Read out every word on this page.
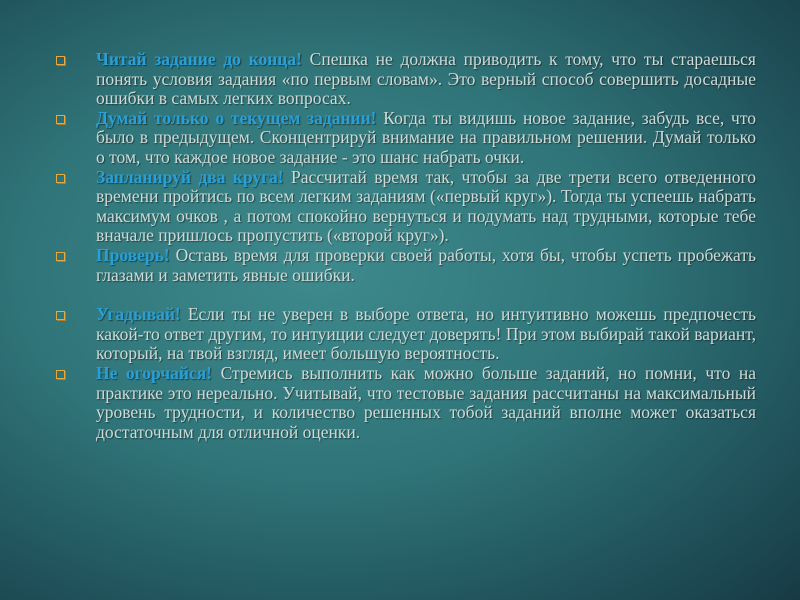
Читай задание до конца! Спешка не должна приводить к тому, что ты стараешься понять условия задания «по первым словам». Это верный способ совершить досадные ошибки в самых легких вопросах.
Думай только о текущем задании! Когда ты видишь новое задание, забудь все, что было в предыдущем. Сконцентрируй внимание на правильном решении. Думай только о том, что каждое новое задание - это шанс набрать очки.
Запланируй два круга! Рассчитай время так, чтобы за две трети всего отведенного времени пройтись по всем легким заданиям («первый круг»). Тогда ты успеешь набрать максимум очков , а потом спокойно вернуться и подумать над трудными, которые тебе вначале пришлось пропустить («второй круг»).
Проверь! Оставь время для проверки своей работы, хотя бы, чтобы успеть пробежать глазами и заметить явные ошибки.
Угадывай! Если ты не уверен в выборе ответа, но интуитивно можешь предпочесть какой-то ответ другим, то интуиции следует доверять! При этом выбирай такой вариант, который, на твой взгляд, имеет большую вероятность.
Не огорчайся! Стремись выполнить как можно больше заданий, но помни, что на практике это нереально. Учитывай, что тестовые задания рассчитаны на максимальный уровень трудности, и количество решенных тобой заданий вполне может оказаться достаточным для отличной оценки.
